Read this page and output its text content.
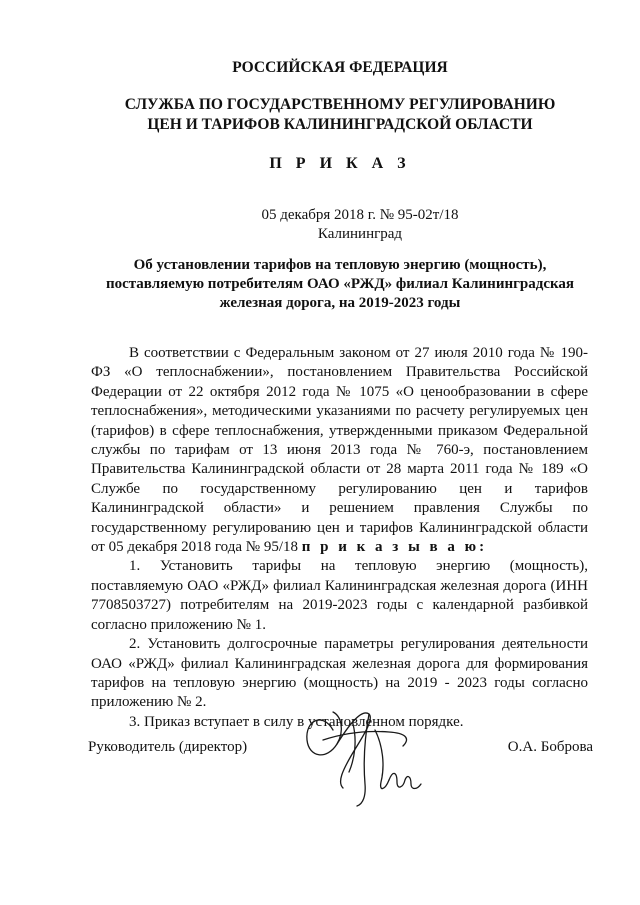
РОССИЙСКАЯ ФЕДЕРАЦИЯ
СЛУЖБА ПО ГОСУДАРСТВЕННОМУ РЕГУЛИРОВАНИЮ
ЦЕН И ТАРИФОВ КАЛИНИНГРАДСКОЙ ОБЛАСТИ
П Р И К А З
05 декабря 2018 г. № 95-02т/18
Калининград
Об установлении тарифов на тепловую энергию (мощность),
поставляемую потребителям ОАО «РЖД» филиал Калининградская
железная дорога, на 2019-2023 годы

В соответствии с Федеральным законом от 27 июля 2010 года № 190-ФЗ «О теплоснабжении», постановлением Правительства Российской Федерации от 22 октября 2012 года № 1075 «О ценообразовании в сфере теплоснабжения», методическими указаниями по расчету регулируемых цен (тарифов) в сфере теплоснабжения, утвержденными приказом Федеральной службы по тарифам от 13 июня 2013 года № 760-э, постановлением Правительства Калининградской области от 28 марта 2011 года № 189 «О Службе по государственному регулированию цен и тарифов Калининградской области» и решением правления Службы по государственному регулированию цен и тарифов Калининградской области от 05 декабря 2018 года № 95/18 п р и к а з ы в а ю:

1. Установить тарифы на тепловую энергию (мощность), поставляемую ОАО «РЖД» филиал Калининградская железная дорога (ИНН 7708503727) потребителям на 2019-2023 годы с календарной разбивкой согласно приложению № 1.

2. Установить долгосрочные параметры регулирования деятельности ОАО «РЖД» филиал Калининградская железная дорога для формирования тарифов на тепловую энергию (мощность) на 2019 - 2023 годы согласно приложению № 2.

3. Приказ вступает в силу в установленном порядке.

Руководитель (директор)	О.А. Боброва
